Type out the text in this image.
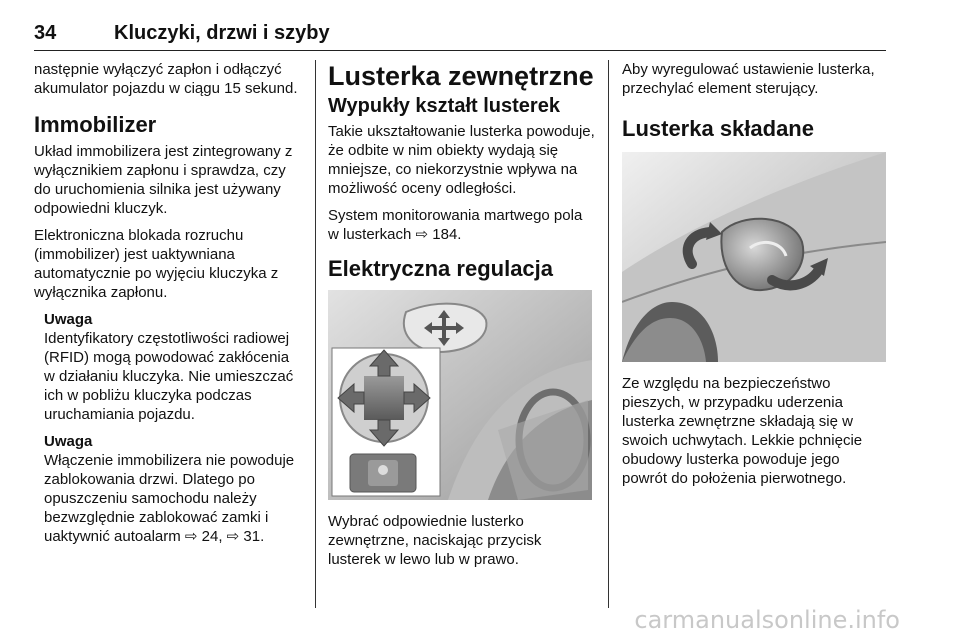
34	Kluczyki, drzwi i szyby

następnie wyłączyć zapłon i odłączyć akumulator pojazdu w ciągu 15 sekund.

Immobilizer

Układ immobilizera jest zintegrowany z wyłącznikiem zapłonu i sprawdza, czy do uruchomienia silnika jest używany odpowiedni kluczyk.

Elektroniczna blokada rozruchu (immobilizer) jest uaktywniana automatycznie po wyjęciu kluczyka z wyłącznika zapłonu.

Uwaga

Identyfikatory częstotliwości radiowej (RFID) mogą powodować zakłócenia w działaniu kluczyka. Nie umieszczać ich w pobliżu kluczyka podczas uruchamiania pojazdu.

Uwaga

Włączenie immobilizera nie powoduje zablokowania drzwi. Dlatego po opuszczeniu samochodu należy bezwzględnie zablokować zamki i uaktywnić autoalarm ⇨ 24, ⇨ 31.

Lusterka zewnętrzne
Wypukły kształt lusterek

Takie ukształtowanie lusterka powoduje, że odbite w nim obiekty wydają się mniejsze, co niekorzystnie wpływa na możliwość oceny odległości.

System monitorowania martwego pola w lusterkach ⇨ 184.

Elektryczna regulacja

Wybrać odpowiednie lusterko zewnętrzne, naciskając przycisk lusterek w lewo lub w prawo.

Aby wyregulować ustawienie lusterka, przechylać element sterujący.

Lusterka składane

Ze względu na bezpieczeństwo pieszych, w przypadku uderzenia lusterka zewnętrzne składają się w swoich uchwytach. Lekkie pchnięcie obudowy lusterka powoduje jego powrót do położenia pierwotnego.

carmanualsonline.info
